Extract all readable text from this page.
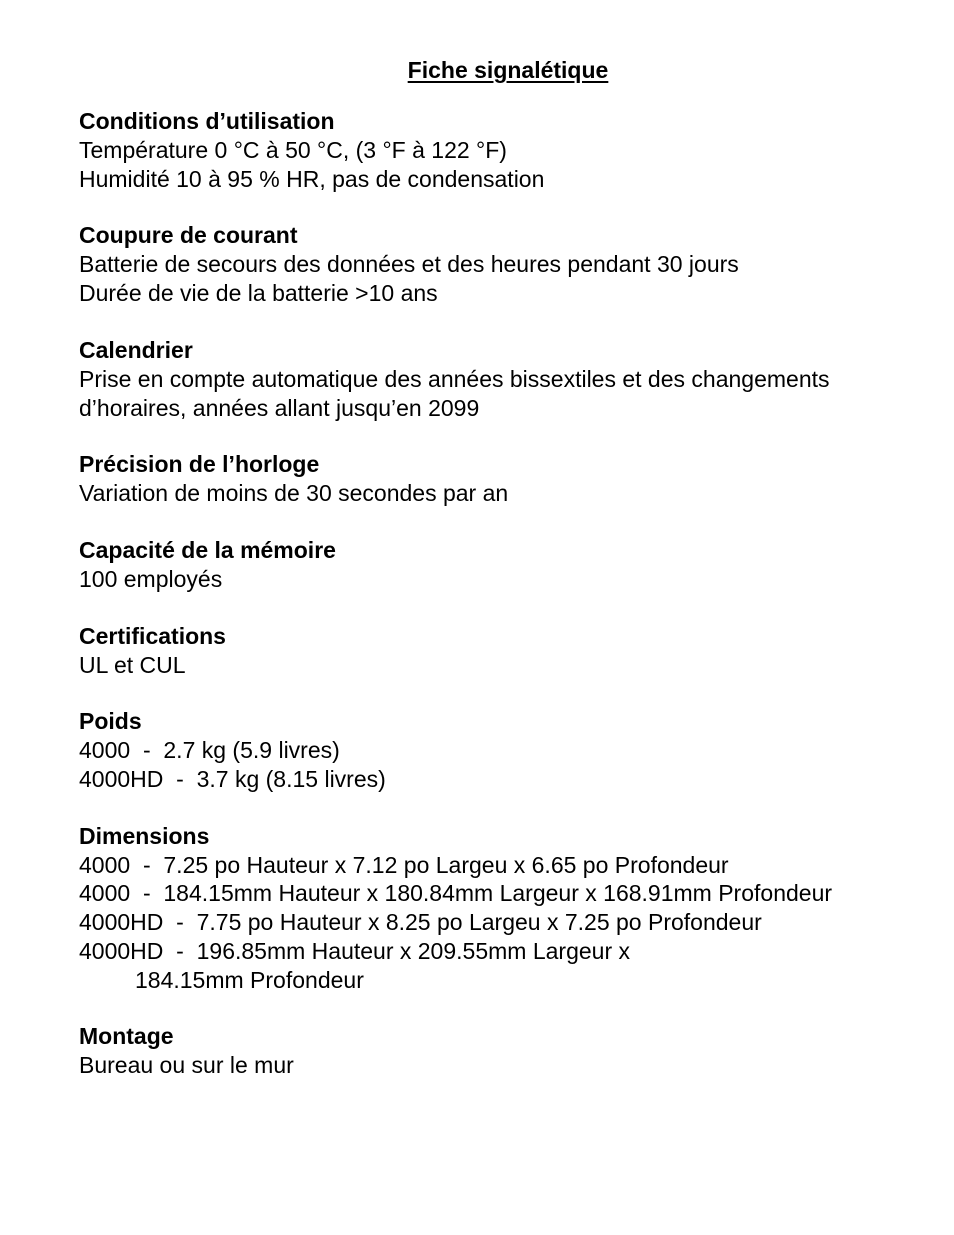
Fiche signalétique

Conditions d’utilisation

Température 0 °C à 50 °C, (3 °F à 122 °F)

Humidité 10 à 95 % HR, pas de condensation

Coupure de courant

Batterie de secours des données et des heures pendant 30 jours

Durée de vie de la batterie >10 ans

Calendrier

Prise en compte automatique des années bissextiles et des changements

d’horaires, années allant jusqu’en 2099

Précision de l’horloge

Variation de moins de 30 secondes par an

Capacité de la mémoire

100 employés

Certifications

UL et CUL

Poids

4000  -  2.7 kg (5.9 livres)

4000HD  -  3.7 kg (8.15 livres)

Dimensions

4000  -  7.25 po Hauteur x 7.12 po Largeu x 6.65 po Profondeur

4000  -  184.15mm Hauteur x 180.84mm Largeur x 168.91mm Profondeur

4000HD  -  7.75 po Hauteur x 8.25 po Largeu x 7.25 po Profondeur

4000HD  -  196.85mm Hauteur x 209.55mm Largeur x

184.15mm Profondeur

Montage

Bureau ou sur le mur
